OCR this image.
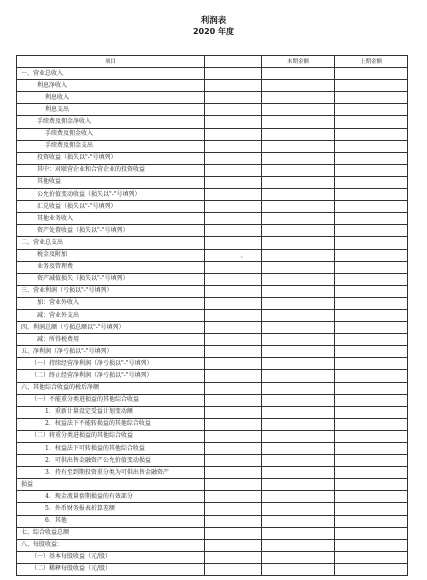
利润表
2020 年度
项目		本期金额	上期金额
一、营业总收入			
利息净收入			
利息收入			
利息支出			
手续费及佣金净收入			
手续费及佣金收入			
手续费及佣金支出			
投资收益（损失以"-"号填列）			
其中：对联营企业和合营企业的投资收益			
其他收益			
公允价值变动收益（损失以"-"号填列）			
汇兑收益（损失以"-"号填列）			
其他业务收入			
资产处置收益（损失以"-"号填列）			
二、营业总支出			
税金及附加			
业务及管理费			
资产减值损失（损失以"-"号填列）			
三、营业利润（亏损以"-"号填列）			
加：营业外收入			
减：营业外支出			
四、利润总额（亏损总额以"-"号填列）			
减：所得税费用			
五、净利润（净亏损以"-"号填列）			
（一）持续经营净利润（净亏损以"-"号填列）			
（二）终止经营净利润（净亏损以"-"号填列）			
六、其他综合收益的税后净额			
（一）不能重分类进损益的其他综合收益			
1．重新计量设定受益计划变动额			
2．权益法下不能转损益的其他综合收益			
（二）将重分类进损益的其他综合收益			
1．权益法下可转损益的其他综合收益			
2．可供出售金融资产公允价值变动损益			
3．持有至到期投资重分类为可供出售金融资产			
损益			
4．现金流量套期损益的有效部分			
5．外币财务报表折算差额			
6．其他			
七、综合收益总额			
八、每股收益：			
（一）基本每股收益（元/股）			
（二）稀释每股收益（元/股）			
◦
